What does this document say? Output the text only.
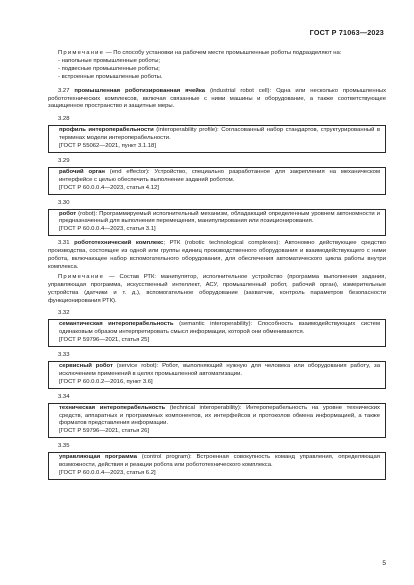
ГОСТ Р 71063—2023

Примечание — По способу установки на рабочем месте промышленные роботы подразделяют на:

- напольные промышленные роботы;

- подвесные промышленные роботы;

- встроенные промышленные роботы.

3.27 промышленная роботизированная ячейка (industrial robot cell): Одна или несколько промышленных робототехнических комплексов, включая связанные с ними машины и оборудование, а также соответствующее защищенное пространство и защитные меры.

3.28

профиль интероперабельности (interoperability profile): Согласованный набор стандартов, структурированный в терминах модели интероперабельности.

[ГОСТ Р 55062—2021, пункт 3.1.18]

3.29

рабочий орган (end effector): Устройство, специально разработанное для закрепления на механическом интерфейсе с целью обеспечить выполнение заданий роботом.

[ГОСТ Р 60.0.0.4—2023, статья 4.12]

3.30

робот (robot): Программируемый исполнительный механизм, обладающий определенным уровнем автономности и предназначенный для выполнения перемещения, манипулирования или позиционирования.

[ГОСТ Р 60.0.0.4—2023, статья 3.1]

3.31 робототехнический комплекс; РТК (robotic technological complexes): Автономно действующее средство производства, состоящее из одной или группы единиц производственного оборудования и взаимодействующего с ними робота, включающее набор вспомогательного оборудования, для обеспечения автоматического цикла работы внутри комплекса.

Примечание — Состав РТК: манипулятор, исполнительное устройство (программа выполнения задания, управляющая программа, искусственный интеллект, АСУ, промышленный робот, рабочий орган), измерительные устройства (датчики и т. д.), вспомогательное оборудование (захватчик, контроль параметров безопасности функционирования РТК).

3.32

семантическая интероперабельность (semantic interoperability): Способность взаимодействующих систем одинаковым образом интерпретировать смысл информации, которой они обмениваются.

[ГОСТ Р 59796—2021, статья 25]

3.33

сервисный робот (service robot): Робот, выполняющий нужную для человека или оборудования работу, за исключением применений в целях промышленной автоматизации.

[ГОСТ Р 60.0.0.2—2016, пункт 3.6]

3.34

техническая интероперабельность (technical interoperability): Интероперабельность на уровне технических средств, аппаратных и программных компонентов, их интерфейсов и протоколов обмена информацией, а также форматов представления информации.

[ГОСТ Р 59796—2021, статья 26]

3.35

управляющая программа (control program): Встроенная совокупность команд управления, определяющая возможности, действия и реакции робота или робототехнического комплекса.

[ГОСТ Р 60.0.0.4—2023, статья 6.2]

5
